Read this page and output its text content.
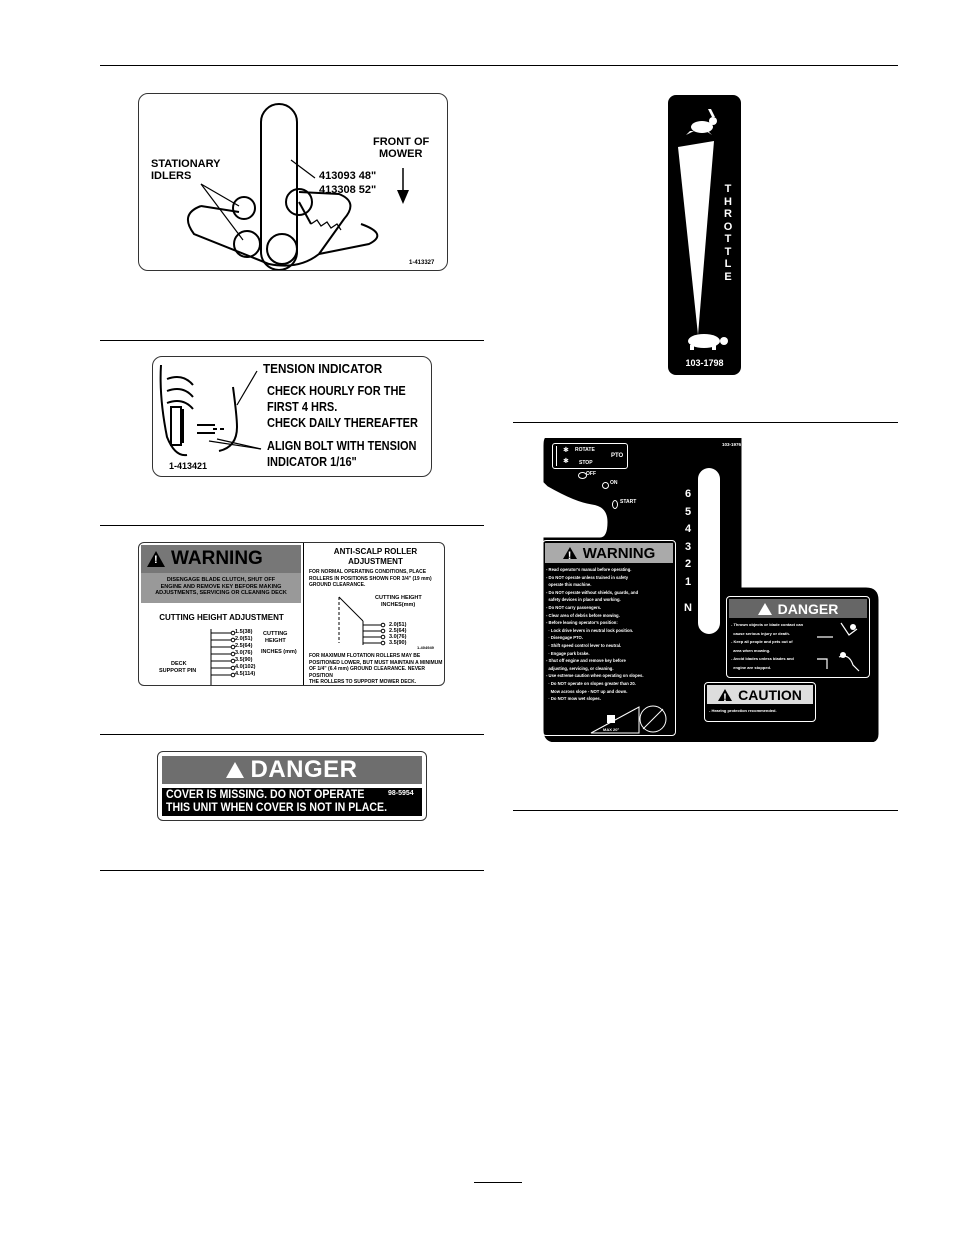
FRONT OF
MOWER
STATIONARY
IDLERS	413093 48"
413308 52"
1-413327
TENSION INDICATOR
CHECK HOURLY FOR THE
FIRST 4 HRS.
CHECK DAILY THEREAFTER
ALIGN BOLT WITH TENSION
INDICATOR 1/16"
1-413421
!
WARNING
DISENGAGE BLADE CLUTCH, SHUT OFF
ENGINE AND REMOVE KEY BEFORE MAKING
ADJUSTMENTS, SERVICING OR CLEANING DECK
CUTTING HEIGHT ADJUSTMENT
1.5(38)
2.0(51)
2.5(64)
3.0(76)
3.5(90)
4.0(102)
4.5(114)
CUTTING
HEIGHT
INCHES (mm)
DECK
SUPPORT PIN
ANTI-SCALP ROLLER
ADJUSTMENT
FOR NORMAL OPERATING CONDITIONS, PLACE
ROLLERS IN POSITIONS SHOWN FOR 3/4" (19 mm)
GROUND CLEARANCE.
CUTTING HEIGHT
INCHES(mm)
2.0(51)
2.5(64)
3.0(76)
3.5(90)
FOR MAXIMUM FLOTATION ROLLERS MAY BE
POSITIONED LOWER, BUT MUST MAINTAIN A MINIMUM
OF 1/4" (6.4 mm) GROUND CLEARANCE. NEVER POSITION
THE ROLLERS TO SUPPORT MOWER DECK.
1-404949
!
DANGER
COVER IS MISSING. DO NOT OPERATE
THIS UNIT WHEN COVER IS NOT IN PLACE.
98-5954
T
H
R
O
T
T
L
E
103-1798
✱ ROTATE
✱ STOP
PTO
103-1976
OFF
ON
START
6
5
4
3
2
1
N
!
WARNING
- Read operator's manual before operating.
- Do NOT operate unless trained in safety
operate this machine.
- Do NOT operate without shields, guards, and
safety devices in place and working.
- Do NOT carry passengers.
- Clear area of debris before mowing.
- Before leaving operator's position:
· Lock drive levers in neutral lock position.
· Disengage PTO.
· Shift speed control lever to neutral.
· Engage park brake.
- Shut off engine and remove key before
adjusting, servicing, or cleaning.
- Use extreme caution when operating on slopes.
· Do NOT operate on slopes greater than 20.
Mow across slope - NOT up and down.
· Do NOT mow wet slopes.
MAX 20°
!
DANGER
- Thrown objects or blade contact can
cause serious injury or death.
- Keep all people and pets out of
area when mowing.
- Avoid blades unless blades and
engine are stopped.
!
CAUTION
- Hearing protection recommended.
